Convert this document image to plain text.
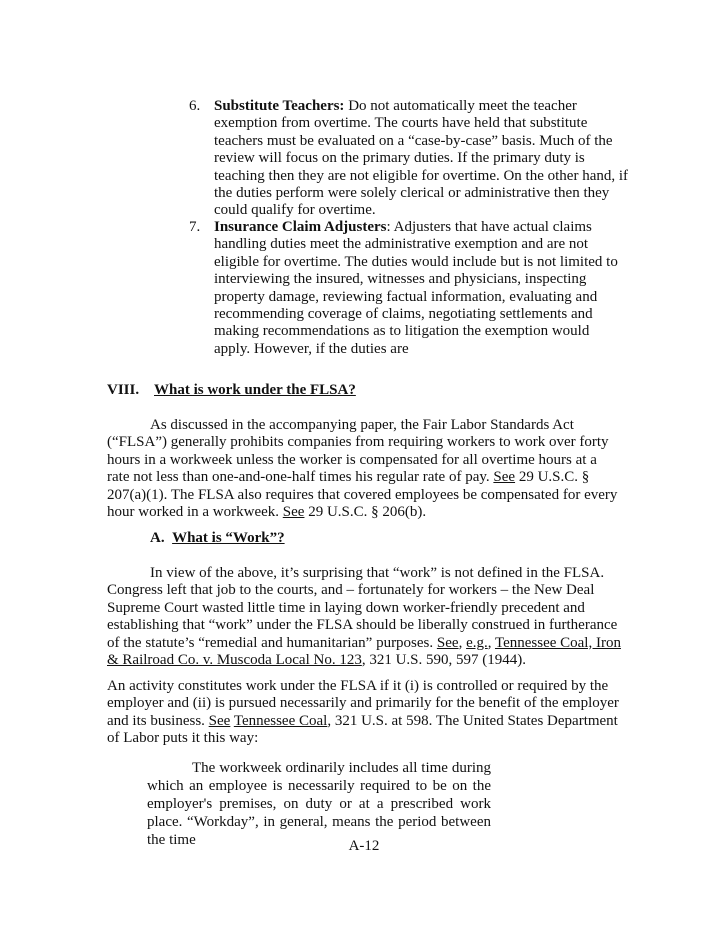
6. Substitute Teachers: Do not automatically meet the teacher exemption from overtime. The courts have held that substitute teachers must be evaluated on a “case-by-case” basis. Much of the review will focus on the primary duties. If the primary duty is teaching then they are not eligible for overtime. On the other hand, if the duties perform were solely clerical or administrative then they could qualify for overtime.
7. Insurance Claim Adjusters: Adjusters that have actual claims handling duties meet the administrative exemption and are not eligible for overtime. The duties would include but is not limited to interviewing the insured, witnesses and physicians, inspecting property damage, reviewing factual information, evaluating and recommending coverage of claims, negotiating settlements and making recommendations as to litigation the exemption would apply. However, if the duties are
VIII. What is work under the FLSA?
As discussed in the accompanying paper, the Fair Labor Standards Act (“FLSA”) generally prohibits companies from requiring workers to work over forty hours in a workweek unless the worker is compensated for all overtime hours at a rate not less than one-and-one-half times his regular rate of pay. See 29 U.S.C. § 207(a)(1). The FLSA also requires that covered employees be compensated for every hour worked in a workweek. See 29 U.S.C. § 206(b).
A. What is “Work”?
In view of the above, it’s surprising that “work” is not defined in the FLSA. Congress left that job to the courts, and – fortunately for workers – the New Deal Supreme Court wasted little time in laying down worker-friendly precedent and establishing that “work” under the FLSA should be liberally construed in furtherance of the statute’s “remedial and humanitarian” purposes. See, e.g., Tennessee Coal, Iron & Railroad Co. v. Muscoda Local No. 123, 321 U.S. 590, 597 (1944).
An activity constitutes work under the FLSA if it (i) is controlled or required by the employer and (ii) is pursued necessarily and primarily for the benefit of the employer and its business. See Tennessee Coal, 321 U.S. at 598. The United States Department of Labor puts it this way:
The workweek ordinarily includes all time during which an employee is necessarily required to be on the employer's premises, on duty or at a prescribed work place. “Workday”, in general, means the period between the time	A-12
